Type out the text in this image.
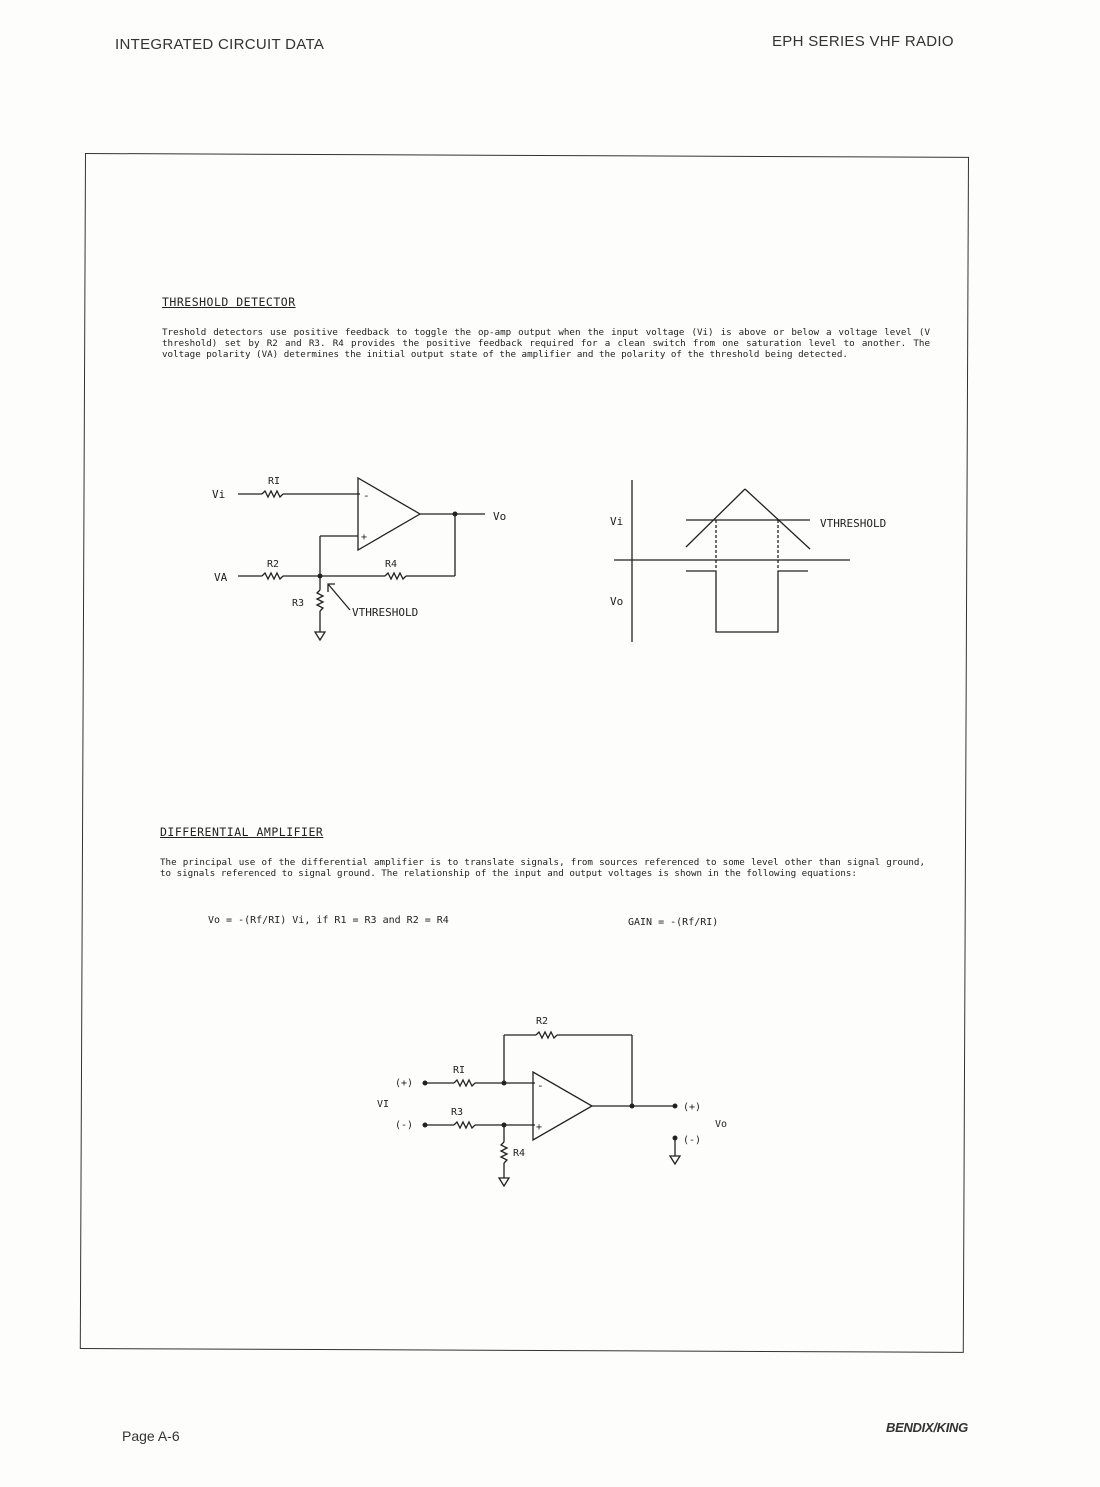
INTEGRATED CIRCUIT DATA	EPH SERIES VHF RADIO
THRESHOLD DETECTOR
Treshold detectors use positive feedback to toggle the op-amp output when the input voltage (Vi) is above or below a voltage level (V threshold) set by R2 and R3. R4 provides the positive feedback required for a clean switch from one saturation level to another. The voltage polarity (VA) determines the initial output state of the amplifier and the polarity of the threshold being detected.
Vi
RI
-
+
Vo
VA
R2	R4
R3
VTHRESHOLD
Vi
Vo
VTHRESHOLD
DIFFERENTIAL AMPLIFIER
The principal use of the differential amplifier is to translate signals, from sources referenced to some level other than signal ground, to signals referenced to signal ground. The relationship of the input and output voltages is shown in the following equations:
Vo = -(Rf/RI) Vi, if R1 = R3 and R2 = R4	GAIN = -(Rf/RI)
R2
RI
R3
R4
VI
(+)
(-)
-
+
(+)
(-)
Vo
Page A-6
BENDIX/KING
